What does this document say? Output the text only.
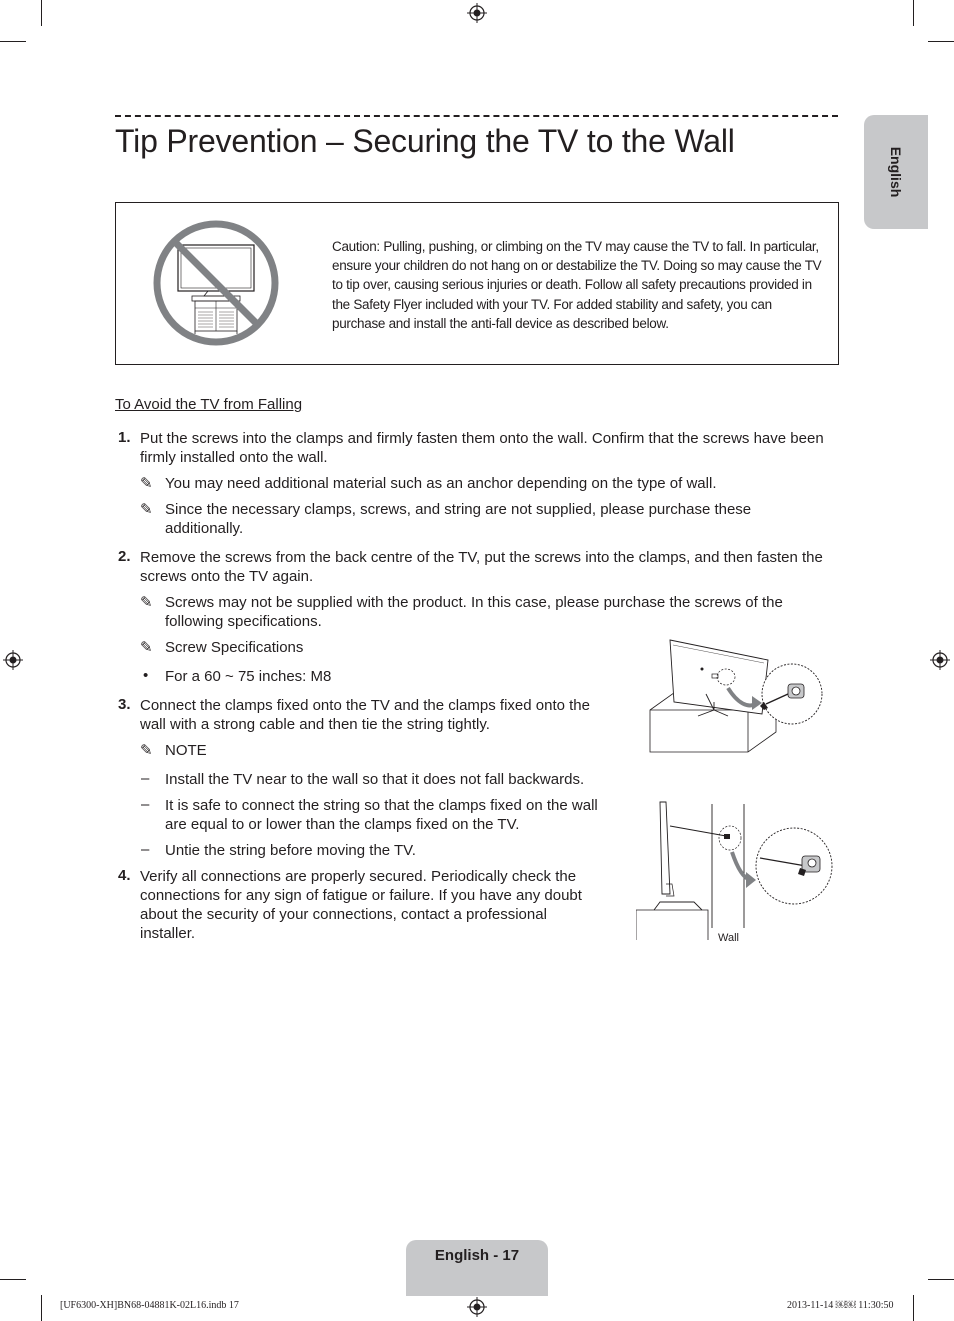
Tip Prevention – Securing the TV to the Wall
English
Caution: Pulling, pushing, or climbing on the TV may cause the TV to fall. In particular, ensure your children do not hang on or destabilize the TV. Doing so may cause the TV to tip over, causing serious injuries or death. Follow all safety precautions provided in the Safety Flyer included with your TV. For added stability and safety, you can purchase and install the anti-fall device as described below.
To Avoid the TV from Falling
1. Put the screws into the clamps and firmly fasten them onto the wall. Confirm that the screws have been firmly installed onto the wall.
✎ You may need additional material such as an anchor depending on the type of wall.
✎ Since the necessary clamps, screws, and string are not supplied, please purchase these additionally.
2. Remove the screws from the back centre of the TV, put the screws into the clamps, and then fasten the screws onto the TV again.
✎ Screws may not be supplied with the product. In this case, please purchase the screws of the following specifications.
✎ Screw Specifications
• For a 60 ~ 75 inches: M8
3. Connect the clamps fixed onto the TV and the clamps fixed onto the wall with a strong cable and then tie the string tightly.
✎ NOTE
– Install the TV near to the wall so that it does not fall backwards.
– It is safe to connect the string so that the clamps fixed on the wall are equal to or lower than the clamps fixed on the TV.
– Untie the string before moving the TV.
4. Verify all connections are properly secured. Periodically check the connections for any sign of fatigue or failure. If you have any doubt about the security of your connections, contact a professional installer.	Wall
English - 17
[UF6300-XH]BN68-04881K-02L16.indb 17	2013-11-14 ￼￼ 11:30:50
